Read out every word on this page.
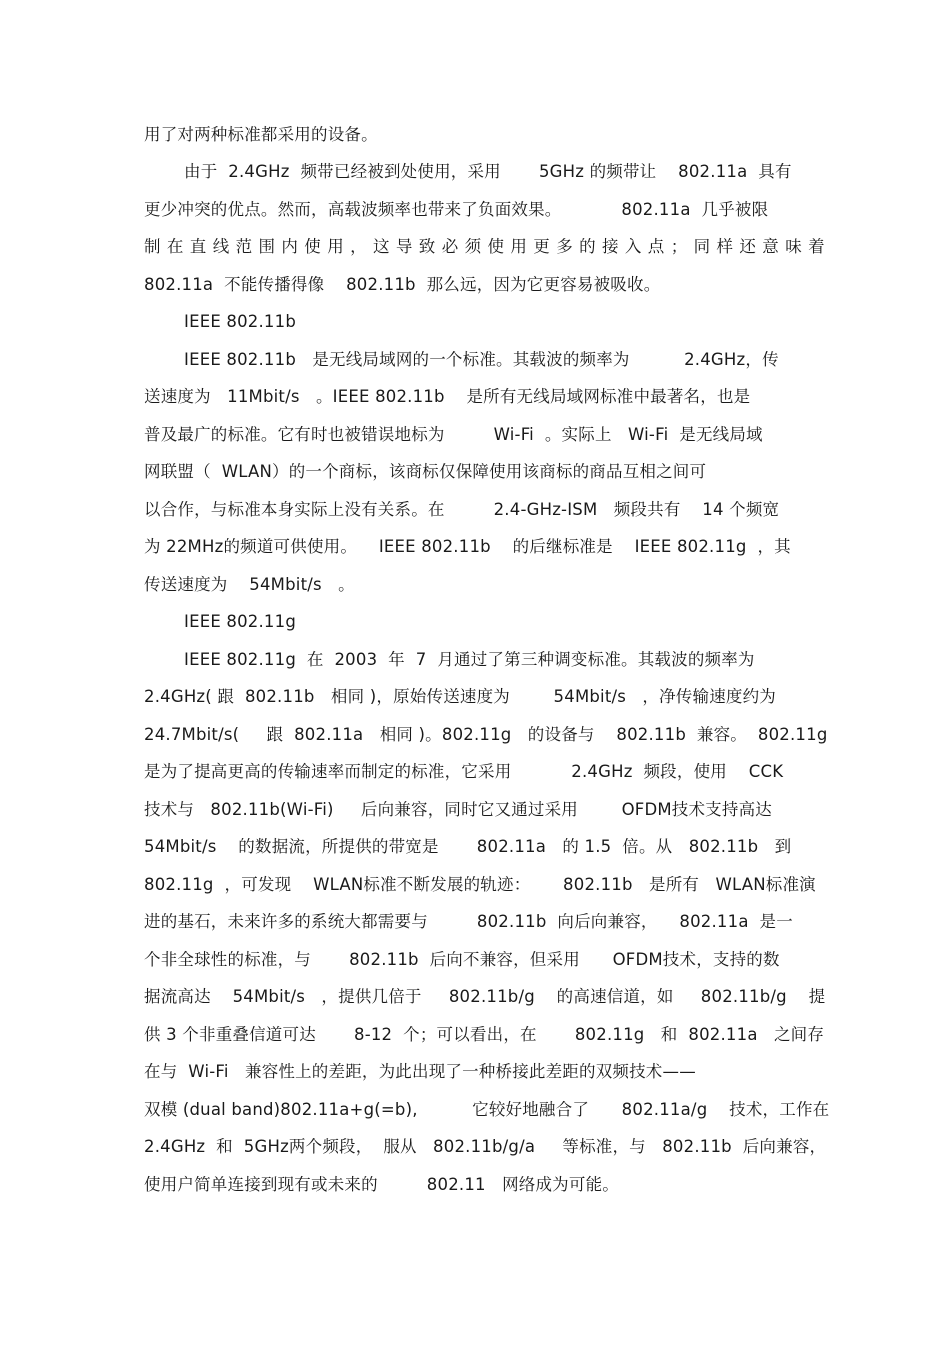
用了对两种标准都采用的设备。
由于  2.4GHz  频带已经被到处使用，采用       5GHz 的频带让    802.11a  具有
更少冲突的优点。然而，高载波频率也带来了负面效果。           802.11a  几乎被限
制在直线范围内使用，这导致必须使用更多的接入点；同样还意味着
802.11a  不能传播得像    802.11b  那么远，因为它更容易被吸收。
IEEE 802.11b
IEEE 802.11b   是无线局域网的一个标准。其载波的频率为          2.4GHz，传
送速度为   11Mbit/s   。IEEE 802.11b    是所有无线局域网标准中最著名，也是
普及最广的标准。它有时也被错误地标为         Wi-Fi  。实际上   Wi-Fi  是无线局域
网联盟（  WLAN）的一个商标，该商标仅保障使用该商标的商品互相之间可
以合作，与标准本身实际上没有关系。在         2.4-GHz-ISM   频段共有    14 个频宽
为 22MHz的频道可供使用。    IEEE 802.11b    的后继标准是    IEEE 802.11g  ，其
传送速度为    54Mbit/s   。
IEEE 802.11g
IEEE 802.11g  在  2003  年  7  月通过了第三种调变标准。其载波的频率为
2.4GHz( 跟  802.11b   相同 )，原始传送速度为        54Mbit/s   ，净传输速度约为
24.7Mbit/s(     跟  802.11a   相同 )。802.11g   的设备与    802.11b  兼容。  802.11g
是为了提高更高的传输速率而制定的标准，它采用           2.4GHz  频段，使用    CCK
技术与   802.11b(Wi-Fi)     后向兼容，同时它又通过采用        OFDM技术支持高达
54Mbit/s    的数据流，所提供的带宽是       802.11a   的 1.5  倍。从   802.11b   到
802.11g  ，可发现    WLAN标准不断发展的轨迹：      802.11b   是所有   WLAN标准演
进的基石，未来许多的系统大都需要与         802.11b  向后向兼容，    802.11a  是一
个非全球性的标准，与       802.11b  后向不兼容，但采用      OFDM技术，支持的数
据流高达    54Mbit/s   ，提供几倍于     802.11b/g    的高速信道，如     802.11b/g    提
供 3 个非重叠信道可达       8-12  个；可以看出，在       802.11g   和  802.11a   之间存
在与  Wi-Fi   兼容性上的差距，为此出现了一种桥接此差距的双频技术——
双模 (dual band)802.11a+g(=b),          它较好地融合了      802.11a/g    技术，工作在
2.4GHz  和  5GHz两个频段，  服从   802.11b/g/a     等标准，与   802.11b  后向兼容，
使用户简单连接到现有或未来的         802.11   网络成为可能。
